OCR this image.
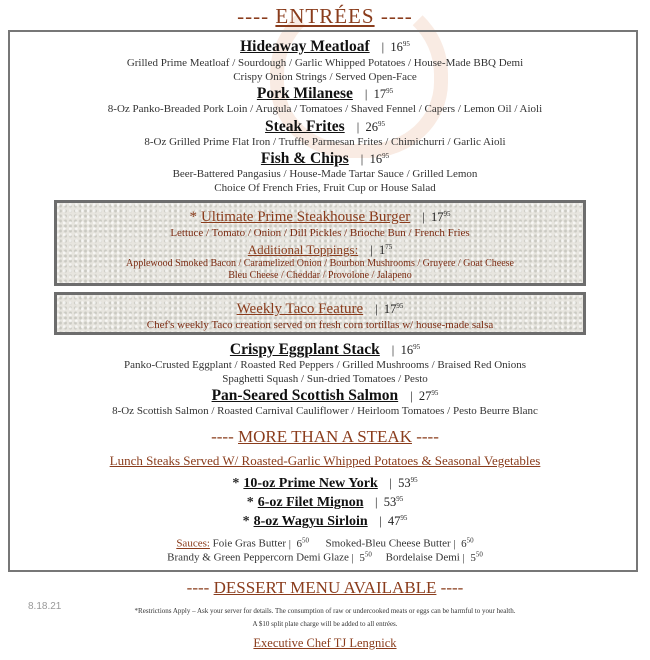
---- ENTRÉES ----
Hideaway Meatloaf |  $16^{95}$
Grilled Prime Meatloaf / Sourdough / Garlic Whipped Potatoes / House-Made BBQ Demi
Crispy Onion Strings / Served Open-Face
Pork Milanese |  $17^{95}$
8-Oz Panko-Breaded Pork Loin / Arugula / Tomatoes / Shaved Fennel / Capers / Lemon Oil / Aioli
Steak Frites |  $26^{95}$
8-Oz Grilled Prime Flat Iron / Truffle Parmesan Frites / Chimichurri / Garlic Aioli
Fish & Chips |  $16^{95}$
Beer-Battered Pangasius / House-Made Tartar Sauce / Grilled Lemon
Choice Of French Fries, Fruit Cup or House Salad
* Ultimate Prime Steakhouse Burger |  $17^{95}$
Lettuce / Tomato / Onion / Dill Pickles / Brioche Bun / French Fries
Additional Toppings: |  $1^{75}$
Applewood Smoked Bacon / Caramelized Onion / Bourbon Mushrooms / Gruyere / Goat Cheese
Bleu Cheese / Cheddar / Provolone / Jalapeno
Weekly Taco Feature |  $17^{95}$
Chef's weekly Taco creation served on fresh corn tortillas w/ house-made salsa
Crispy Eggplant Stack |  $16^{95}$
Panko-Crusted Eggplant / Roasted Red Peppers / Grilled Mushrooms / Braised Red Onions
Spaghetti Squash / Sun-dried Tomatoes / Pesto
Pan-Seared Scottish Salmon |  $27^{95}$
8-Oz Scottish Salmon / Roasted Carnival Cauliflower / Heirloom Tomatoes / Pesto Beurre Blanc
---- MORE THAN A STEAK ----
Lunch Steaks Served W/ Roasted-Garlic Whipped Potatoes & Seasonal Vegetables
* 10-oz Prime New York |  $53^{95}$
* 6-oz Filet Mignon |  $53^{95}$
* 8-oz Wagyu Sirloin |  $47^{95}$
Sauces: Foie Gras Butter |  $6^{50}$ Smoked-Bleu Cheese Butter |  $6^{50}$
Brandy & Green Peppercorn Demi Glaze |  $5^{50}$ Bordelaise Demi |  $5^{50}$
---- DESSERT MENU AVAILABLE ----
8.18.21	*Restrictions Apply – Ask your server for details. The consumption of raw or undercooked meats or eggs can be harmful to your health.
A $10 split plate charge will be added to all entrées.
Executive Chef TJ Lengnick
